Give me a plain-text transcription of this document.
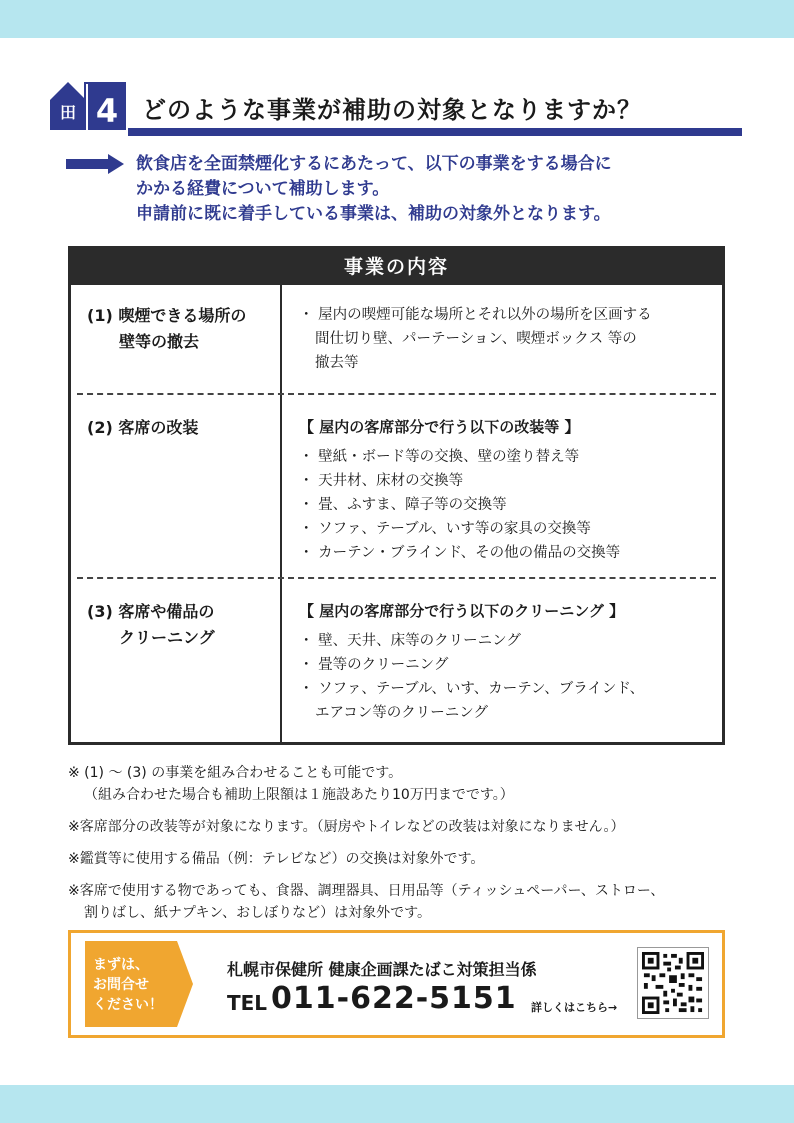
田 4 どのような事業が補助の対象となりますか？
飲食店を全面禁煙化するにあたって、以下の事業をする場合に
かかる経費について補助します。
申請前に既に着手している事業は、補助の対象外となります。
事業の内容
(1) 喫煙できる場所の
壁等の撤去
・ 屋内の喫煙可能な場所とそれ以外の場所を区画する
間仕切り壁、パーテーション、喫煙ボックス 等の
撤去等
(2) 客席の改装	【 屋内の客席部分で行う以下の改装等 】
・ 壁紙・ボード等の交換、壁の塗り替え等
・ 天井材、床材の交換等
・ 畳、ふすま、障子等の交換等
・ ソファ、テーブル、いす等の家具の交換等
・ カーテン・ブラインド、その他の備品の交換等
(3) 客席や備品の
クリーニング
【 屋内の客席部分で行う以下のクリーニング 】
・ 壁、天井、床等のクリーニング
・ 畳等のクリーニング
・ ソファ、テーブル、いす、カーテン、ブラインド、
エアコン等のクリーニング
※ (1) ～ (3) の事業を組み合わせることも可能です。
（組み合わせた場合も補助上限額は１施設あたり10万円までです。）
※客席部分の改装等が対象になります。（厨房やトイレなどの改装は対象になりません。）
※鑑賞等に使用する備品（例：テレビなど）の交換は対象外です。
※客席で使用する物であっても、食器、調理器具、日用品等（ティッシュペーパー、ストロー、
割りばし、紙ナプキン、おしぼりなど）は対象外です。
まずは、
お問合せ
ください！
札幌市保健所 健康企画課たばこ対策担当係
TEL 011-622-5151 詳しくはこちら→
